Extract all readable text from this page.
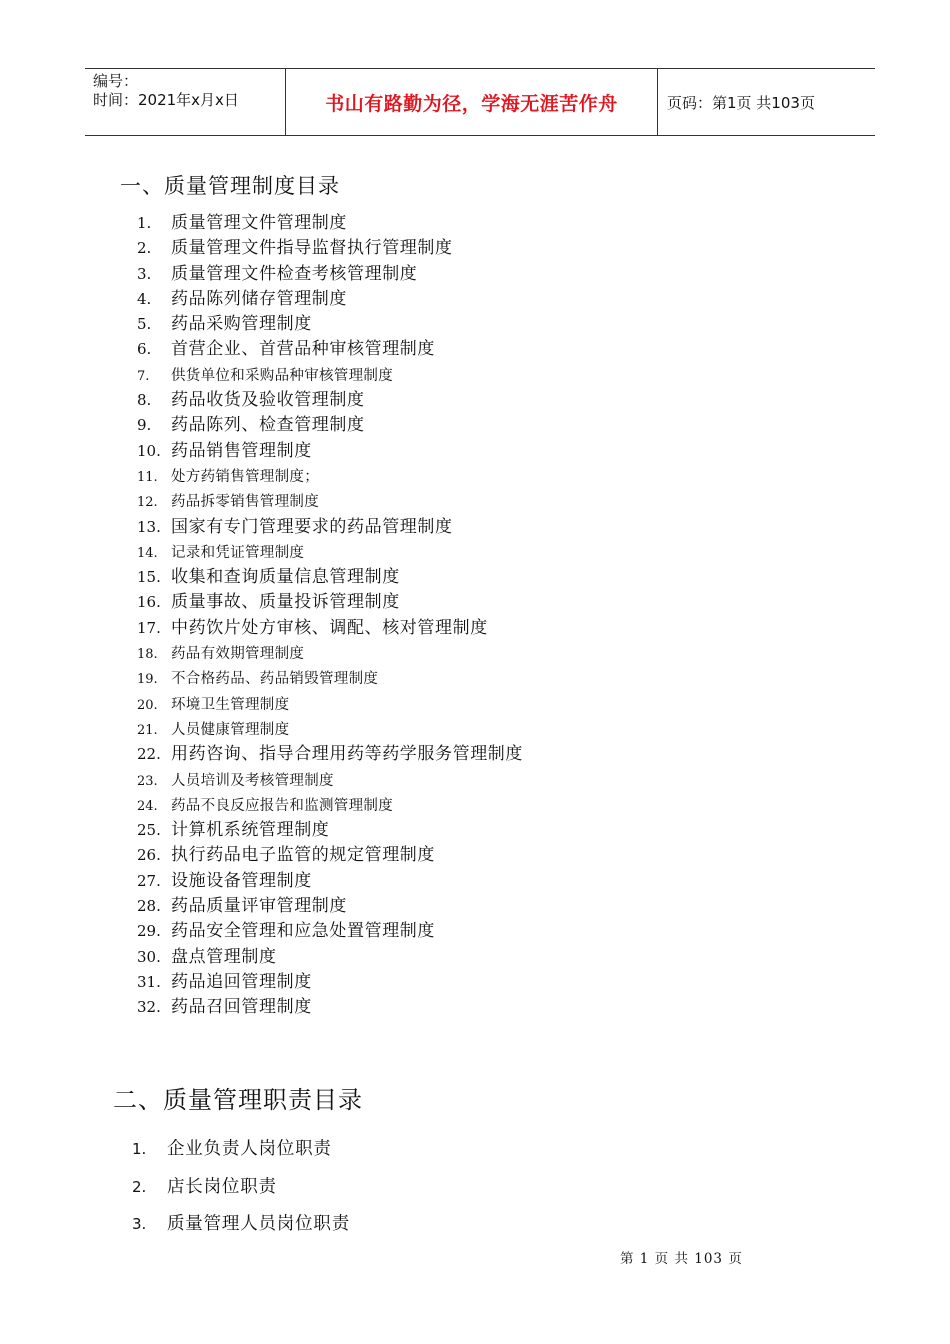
编号：
时间：2021年x月x日	书山有路勤为径，学海无涯苦作舟	页码：第1页 共103页
一、质量管理制度目录
1. 质量管理文件管理制度
2. 质量管理文件指导监督执行管理制度
3. 质量管理文件检查考核管理制度
4. 药品陈列储存管理制度
5. 药品采购管理制度
6. 首营企业、首营品种审核管理制度
7. 供货单位和采购品种审核管理制度
8. 药品收货及验收管理制度
9. 药品陈列、检查管理制度
10. 药品销售管理制度
11. 处方药销售管理制度；
12. 药品拆零销售管理制度
13. 国家有专门管理要求的药品管理制度
14. 记录和凭证管理制度
15. 收集和查询质量信息管理制度
16. 质量事故、质量投诉管理制度
17. 中药饮片处方审核、调配、核对管理制度
18. 药品有效期管理制度
19. 不合格药品、药品销毁管理制度
20. 环境卫生管理制度
21. 人员健康管理制度
22. 用药咨询、指导合理用药等药学服务管理制度
23. 人员培训及考核管理制度
24. 药品不良反应报告和监测管理制度
25. 计算机系统管理制度
26. 执行药品电子监管的规定管理制度
27. 设施设备管理制度
28. 药品质量评审管理制度
29. 药品安全管理和应急处置管理制度
30. 盘点管理制度
31. 药品追回管理制度
32. 药品召回管理制度
二、质量管理职责目录
1. 企业负责人岗位职责
2. 店长岗位职责
3. 质量管理人员岗位职责
第 1 页 共 103 页
